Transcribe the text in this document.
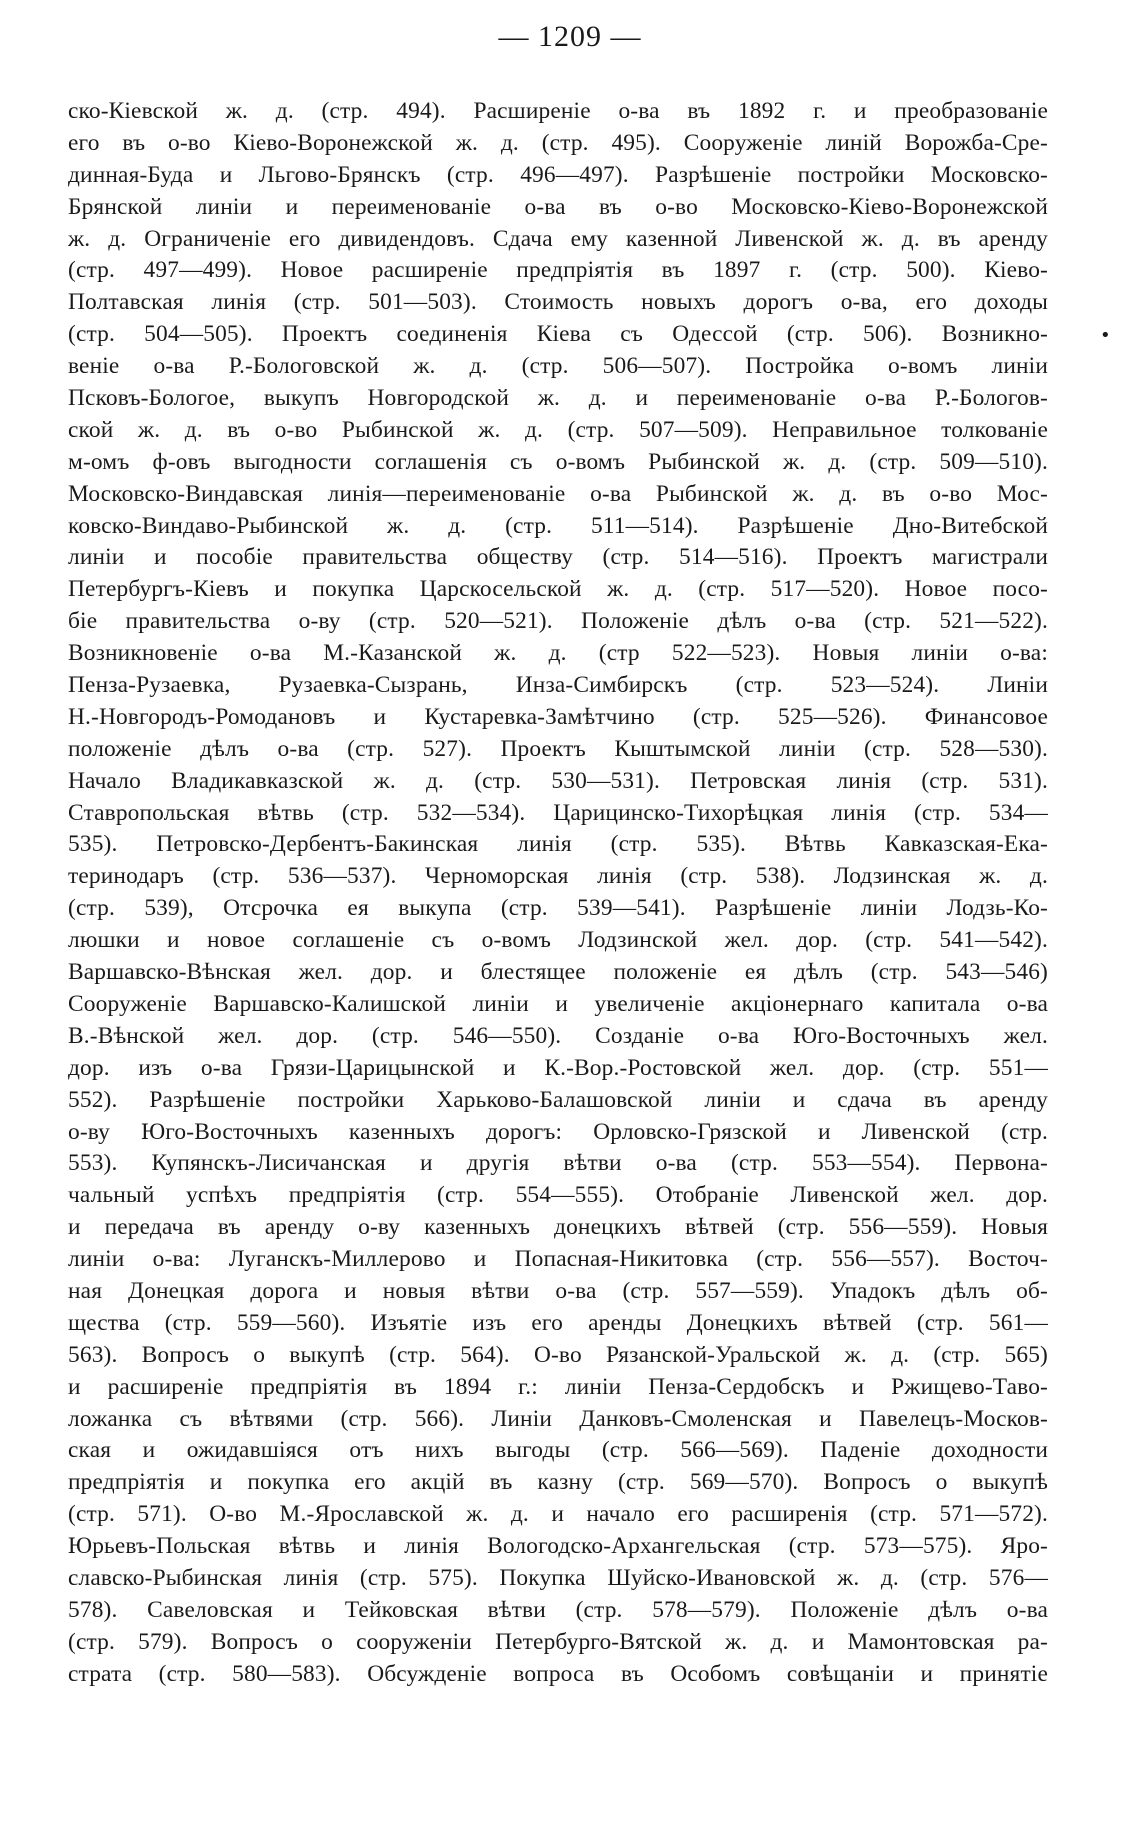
— 1209 —
•
ско-Кіевской ж. д. (стр. 494). Расширеніе о-ва въ 1892 г. и преобразованіе
его въ о-во Кіево-Воронежской ж. д. (стр. 495). Сооруженіе линій Ворожба-Сре-
динная-Буда и Льгово-Брянскъ (стр. 496—497). Разрѣшеніе постройки Московско-
Брянской линіи и переименованіе о-ва въ о-во Московско-Кіево-Воронежской
ж. д. Ограниченіе его дивидендовъ. Сдача ему казенной Ливенской ж. д. въ аренду
(стр. 497—499). Новое расширеніе предпріятія въ 1897 г. (стр. 500). Кіево-
Полтавская линія (стр. 501—503). Стоимость новыхъ дорогъ о-ва, его доходы
(стр. 504—505). Проектъ соединенія Кіева съ Одессой (стр. 506). Возникно-
веніе о-ва Р.-Бологовской ж. д. (стр. 506—507). Постройка о-вомъ линіи
Псковъ-Бологое, выкупъ Новгородской ж. д. и переименованіе о-ва Р.-Бологов-
ской ж. д. въ о-во Рыбинской ж. д. (стр. 507—509). Неправильное толкованіе
м-омъ ф-овъ выгодности соглашенія съ о-вомъ Рыбинской ж. д. (стр. 509—510).
Московско-Виндавская линія—переименованіе о-ва Рыбинской ж. д. въ о-во Мос-
ковско-Виндаво-Рыбинской ж. д. (стр. 511—514). Разрѣшеніе Дно-Витебской
линіи и пособіе правительства обществу (стр. 514—516). Проектъ магистрали
Петербургъ-Кіевъ и покупка Царскосельской ж. д. (стр. 517—520). Новое посо-
біе правительства о-ву (стр. 520—521). Положеніе дѣлъ о-ва (стр. 521—522).
Возникновеніе о-ва М.-Казанской ж. д. (стр 522—523). Новыя линіи о-ва:
Пенза-Рузаевка, Рузаевка-Сызрань, Инза-Симбирскъ (стр. 523—524). Линіи
Н.-Новгородъ-Ромодановъ и Кустаревка-Замѣтчино (стр. 525—526). Финансовое
положеніе дѣлъ о-ва (стр. 527). Проектъ Кыштымской линіи (стр. 528—530).
Начало Владикавказской ж. д. (стр. 530—531). Петровская линія (стр. 531).
Ставропольская вѣтвь (стр. 532—534). Царицинско-Тихорѣцкая линія (стр. 534—
535). Петровско-Дербентъ-Бакинская линія (стр. 535). Вѣтвь Кавказская-Ека-
теринодаръ (стр. 536—537). Черноморская линія (стр. 538). Лодзинская ж. д.
(стр. 539), Отсрочка ея выкупа (стр. 539—541). Разрѣшеніе линіи Лодзь-Ко-
люшки и новое соглашеніе съ о-вомъ Лодзинской жел. дор. (стр. 541—542).
Варшавско-Вѣнская жел. дор. и блестящее положеніе ея дѣлъ (стр. 543—546)
Сооруженіе Варшавско-Калишской линіи и увеличеніе акціонернаго капитала о-ва
В.-Вѣнской жел. дор. (стр. 546—550). Созданіе о-ва Юго-Восточныхъ жел.
дор. изъ о-ва Грязи-Царицынской и К.-Вор.-Ростовской жел. дор. (стр. 551—
552). Разрѣшеніе постройки Харьково-Балашовской линіи и сдача въ аренду
о-ву Юго-Восточныхъ казенныхъ дорогъ: Орловско-Грязской и Ливенской (стр.
553). Купянскъ-Лисичанская и другія вѣтви о-ва (стр. 553—554). Первона-
чальный успѣхъ предпріятія (стр. 554—555). Отобраніе Ливенской жел. дор.
и передача въ аренду о-ву казенныхъ донецкихъ вѣтвей (стр. 556—559). Новыя
линіи о-ва: Луганскъ-Миллерово и Попасная-Никитовка (стр. 556—557). Восточ-
ная Донецкая дорога и новыя вѣтви о-ва (стр. 557—559). Упадокъ дѣлъ об-
щества (стр. 559—560). Изъятіе изъ его аренды Донецкихъ вѣтвей (стр. 561—
563). Вопросъ о выкупѣ (стр. 564). О-во Рязанской-Уральской ж. д. (стр. 565)
и расширеніе предпріятія въ 1894 г.: линіи Пенза-Сердобскъ и Ржищево-Таво-
ложанка съ вѣтвями (стр. 566). Линіи Данковъ-Смоленская и Павелецъ-Москов-
ская и ожидавшіяся отъ нихъ выгоды (стр. 566—569). Паденіе доходности
предпріятія и покупка его акцій въ казну (стр. 569—570). Вопросъ о выкупѣ
(стр. 571). О-во М.-Ярославской ж. д. и начало его расширенія (стр. 571—572).
Юрьевъ-Польская вѣтвь и линія Вологодско-Архангельская (стр. 573—575). Яро-
славско-Рыбинская линія (стр. 575). Покупка Шуйско-Ивановской ж. д. (стр. 576—
578). Савеловская и Тейковская вѣтви (стр. 578—579). Положеніе дѣлъ о-ва
(стр. 579). Вопросъ о сооруженіи Петербурго-Вятской ж. д. и Мамонтовская ра-
страта (стр. 580—583). Обсужденіе вопроса въ Особомъ совѣщаніи и принятіе
